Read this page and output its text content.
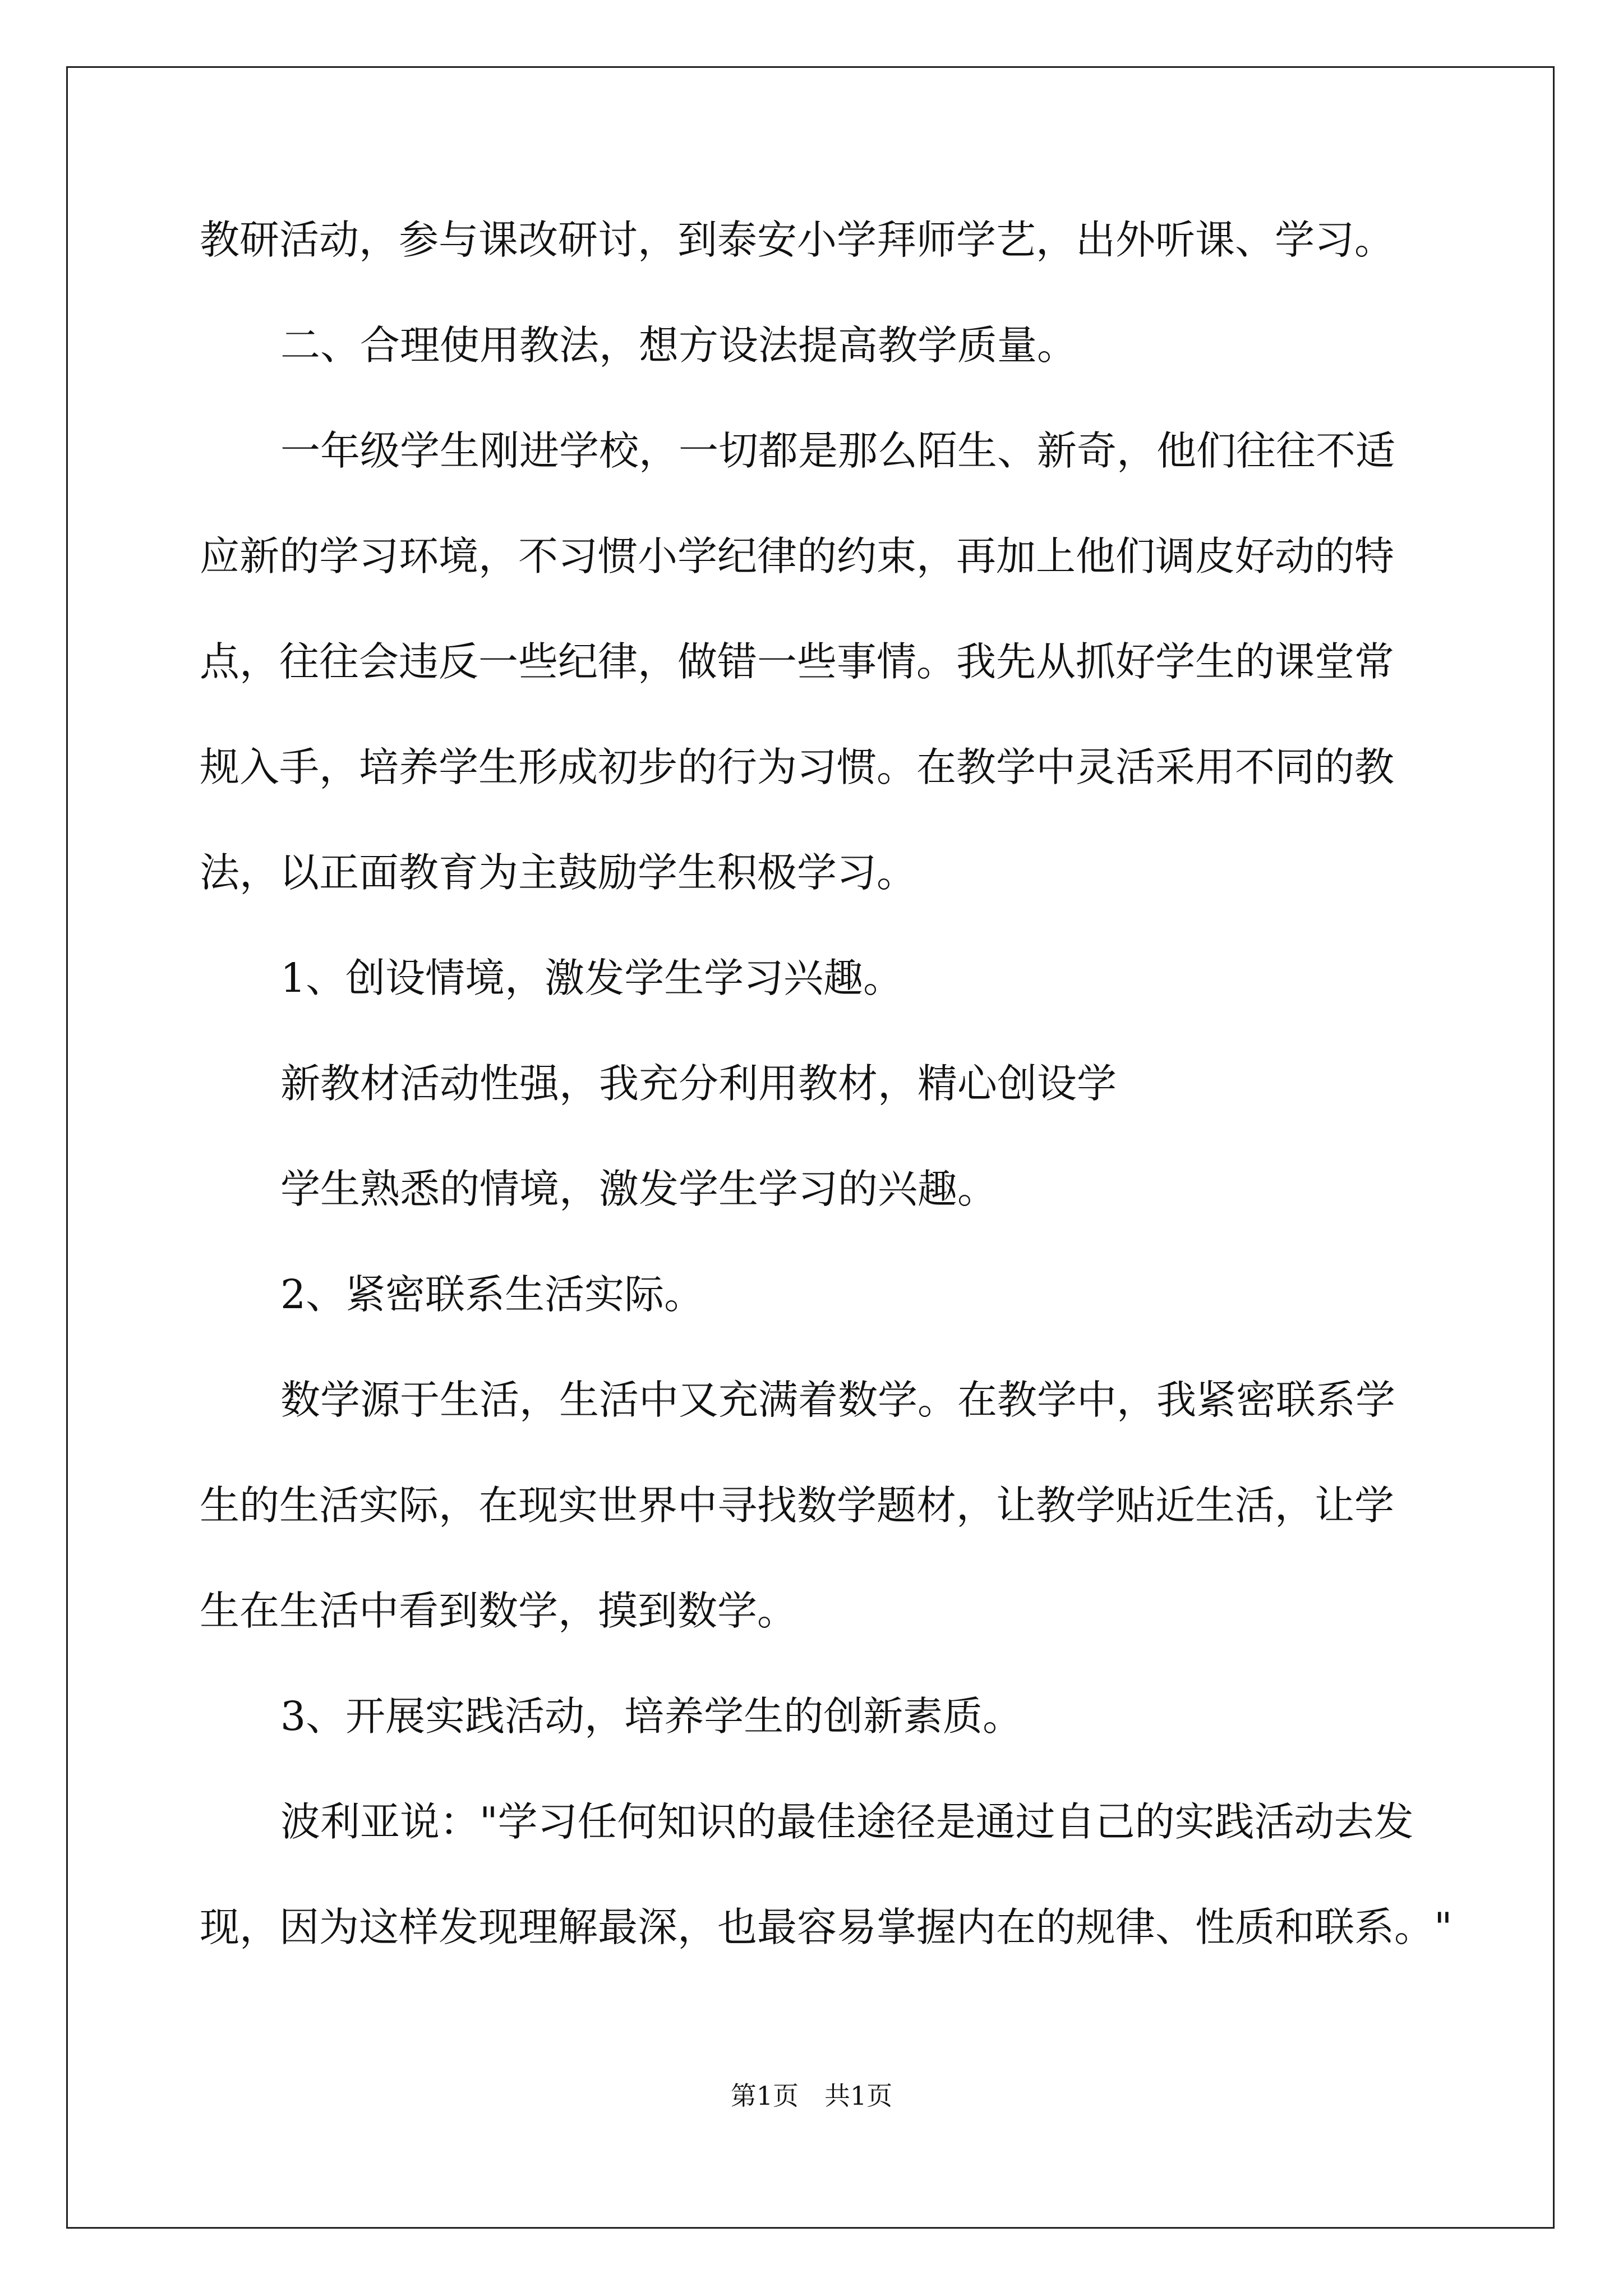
教研活动，参与课改研讨，到泰安小学拜师学艺，出外听课、学习。
二、合理使用教法，想方设法提高教学质量。
一年级学生刚进学校，一切都是那么陌生、新奇，他们往往不适
应新的学习环境，不习惯小学纪律的约束，再加上他们调皮好动的特
点，往往会违反一些纪律，做错一些事情。我先从抓好学生的课堂常
规入手，培养学生形成初步的行为习惯。在教学中灵活采用不同的教
法，以正面教育为主鼓励学生积极学习。
1、创设情境，激发学生学习兴趣。
新教材活动性强，我充分利用教材，精心创设学
学生熟悉的情境，激发学生学习的兴趣。
2、紧密联系生活实际。
数学源于生活，生活中又充满着数学。在教学中，我紧密联系学
生的生活实际，在现实世界中寻找数学题材，让教学贴近生活，让学
生在生活中看到数学，摸到数学。
3、开展实践活动，培养学生的创新素质。
波利亚说："学习任何知识的最佳途径是通过自己的实践活动去发
现，因为这样发现理解最深，也最容易掌握内在的规律、性质和联系。"
第1页　共1页
